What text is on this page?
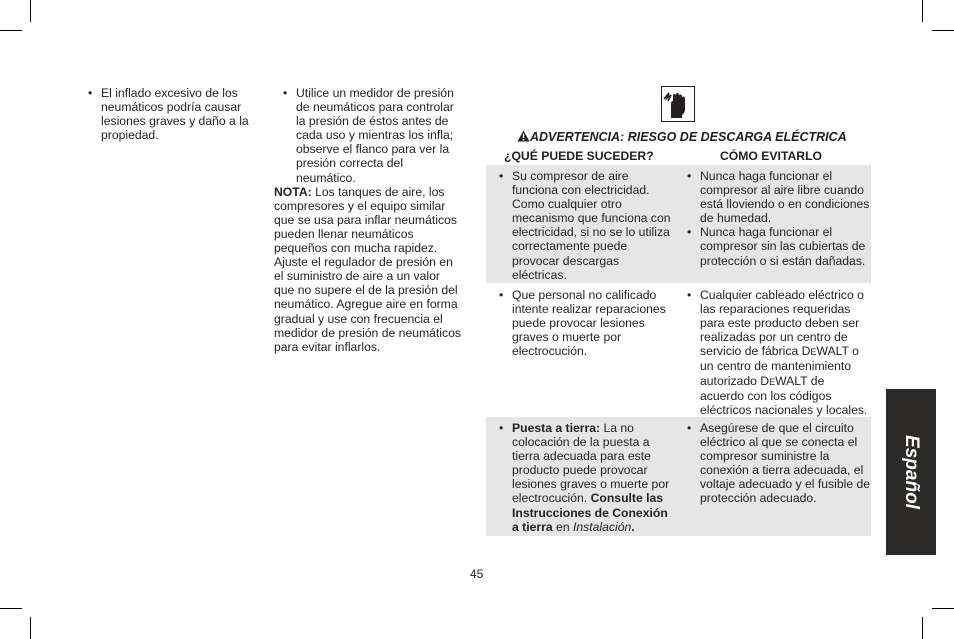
• El inflado excesivo de los neumáticos podría causar lesiones graves y daño a la propiedad.
• Utilice un medidor de presión de neumáticos para controlar la presión de éstos antes de cada uso y mientras los infla; observe el flanco para ver la presión correcta del neumático.
NOTA: Los tanques de aire, los compresores y el equipo similar que se usa para inflar neumáticos pueden llenar neumáticos pequeños con mucha rapidez. Ajuste el regulador de presión en el suministro de aire a un valor que no supere el de la presión del neumático. Agregue aire en forma gradual y use con frecuencia el medidor de presión de neumáticos para evitar inflarlos.
ADVERTENCIA: RIESGO DE DESCARGA ELÉCTRICA
¿QUÉ PUEDE SUCEDER?	CÓMO EVITARLO
• Su compresor de aire funciona con electricidad. Como cualquier otro mecanismo que funciona con electricidad, si no se lo utiliza correctamente puede provocar descargas eléctricas.
• Nunca haga funcionar el compresor al aire libre cuando está lloviendo o en condiciones de humedad.
• Nunca haga funcionar el compresor sin las cubiertas de protección o si están dañadas.
• Que personal no calificado intente realizar reparaciones puede provocar lesiones graves o muerte por electrocución.
• Cualquier cableado eléctrico o las reparaciones requeridas para este producto deben ser realizadas por un centro de servicio de fábrica DEWALT o un centro de mantenimiento autorizado DEWALT de acuerdo con los códigos eléctricos nacionales y locales.
• Puesta a tierra: La no colocación de la puesta a tierra adecuada para este producto puede provocar lesiones graves o muerte por electrocución. Consulte las Instrucciones de Conexión a tierra en Instalación.
• Asegúrese de que el circuito eléctrico al que se conecta el compresor suministre la conexión a tierra adecuada, el voltaje adecuado y el fusible de protección adecuado.	Español
45
